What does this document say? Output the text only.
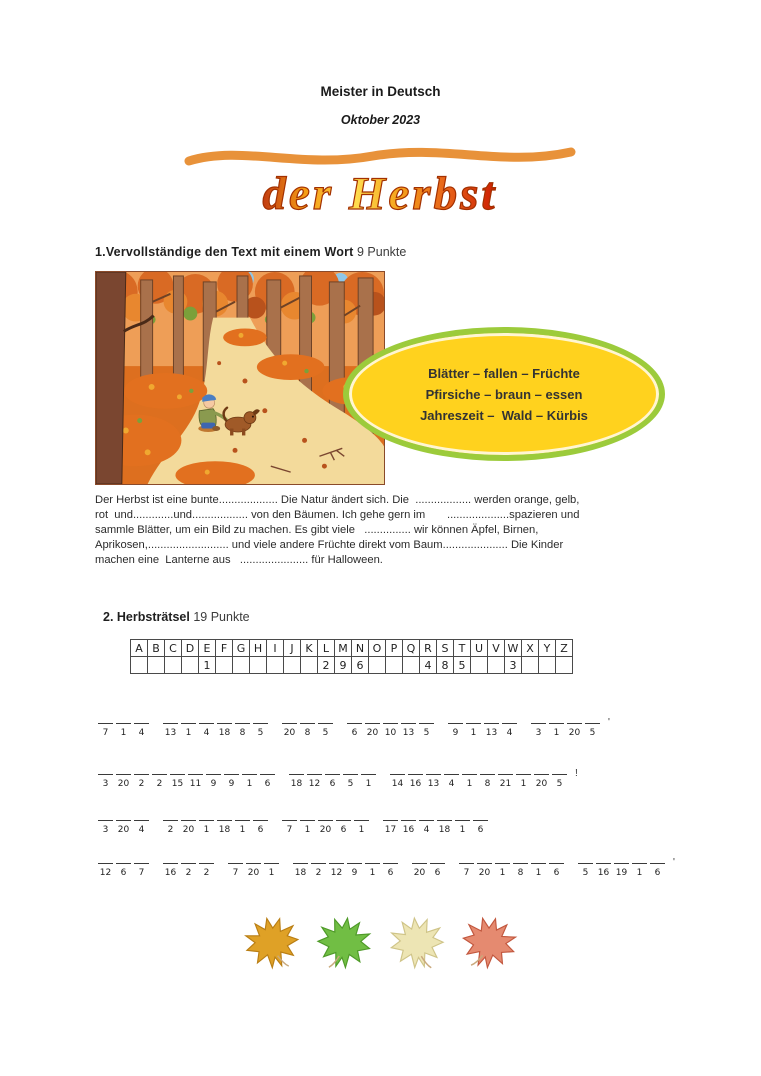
Meister in Deutsch
Oktober 2023
der Herbst
1.Vervollständige den Text mit einem Wort 9 Punkte
Blätter – fallen – Früchte
Pfirsiche – braun – essen
Jahreszeit –  Wald – Kürbis
Der Herbst ist eine bunte................... Die Natur ändert sich. Die  .................. werden orange, gelb,
rot  und.............und.................. von den Bäumen. Ich gehe gern im       ....................spazieren und
sammle Blätter, um ein Bild zu machen. Es gibt viele   ............... wir können Äpfel, Birnen,
Aprikosen,.......................... und viele andere Früchte direkt vom Baum..................... Die Kinder
machen eine  Lanterne aus   ...................... für Halloween.
2. Herbsträtsel 19 Punkte
A	B	C	D	E	F	G	H	I	J	K	L	M	N	O	P	Q	R	S	T	U	V	W	X	Y	Z
				1							2	9	6				4	8	5			3			
7	1	4	13	1	4	18	8	5	20	8	5	6	20 10 13	5	9	1	13	4	3	1	20	5
'
3	20	2	2	15 11	9	9	1	6	18 12	6	5	1	14 16 13	4	1	8	21	1	20	5
!
3	20	4	2	20	1	18	1	6	7	1	20	6	1	17 16	4	18	1	6
12	6	7	16	2	2	7	20	1	18	2	12	9	1	6	20	6	7	20	1	8	1	6	5	16 19	1	6
'
